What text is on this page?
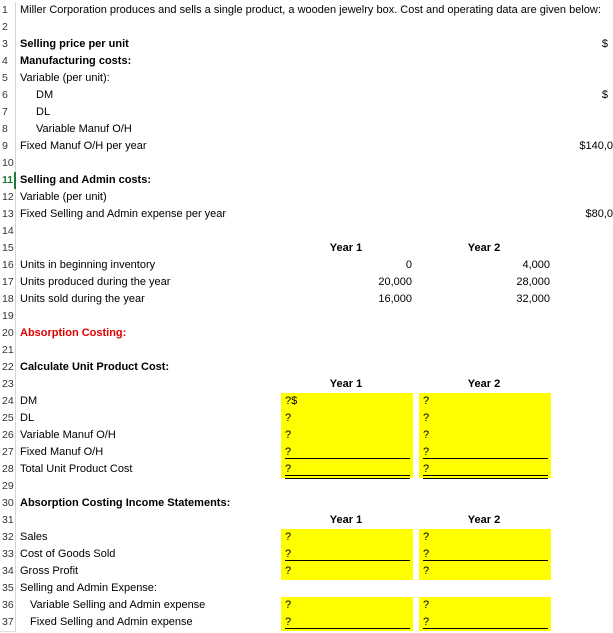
1	Miller Corporation produces and sells a single product, a wooden jewelry box. Cost and operating data are given below:
2
3	Selling price per unit	$
4	Manufacturing costs:
5	Variable (per unit):
6	DM	$
7	DL
8	Variable Manuf O/H
9	Fixed Manuf O/H per year	$140,0
10
11 Selling and Admin costs:
12 Variable (per unit)
13 Fixed Selling and Admin expense per year	$80,0
14
15	Year 1	Year 2
16 Units in beginning inventory	0	4,000
17 Units produced during the year	20,000	28,000
18 Units sold during the year	16,000	32,000
19
20 Absorption Costing:
21
22 Calculate Unit Product Cost:
23	Year 1	Year 2
24 DM	?$	?
25 DL	?	?
26 Variable Manuf O/H	?	?
27 Fixed Manuf O/H	?	?
28 Total Unit Product Cost	?	?
29
30 Absorption Costing Income Statements:
31	Year 1	Year 2
32 Sales	?	?
33 Cost of Goods Sold	?	?
34 Gross Profit	?	?
35 Selling and Admin Expense:
36 Variable Selling and Admin expense	?	?
37 Fixed Selling and Admin expense	?	?
